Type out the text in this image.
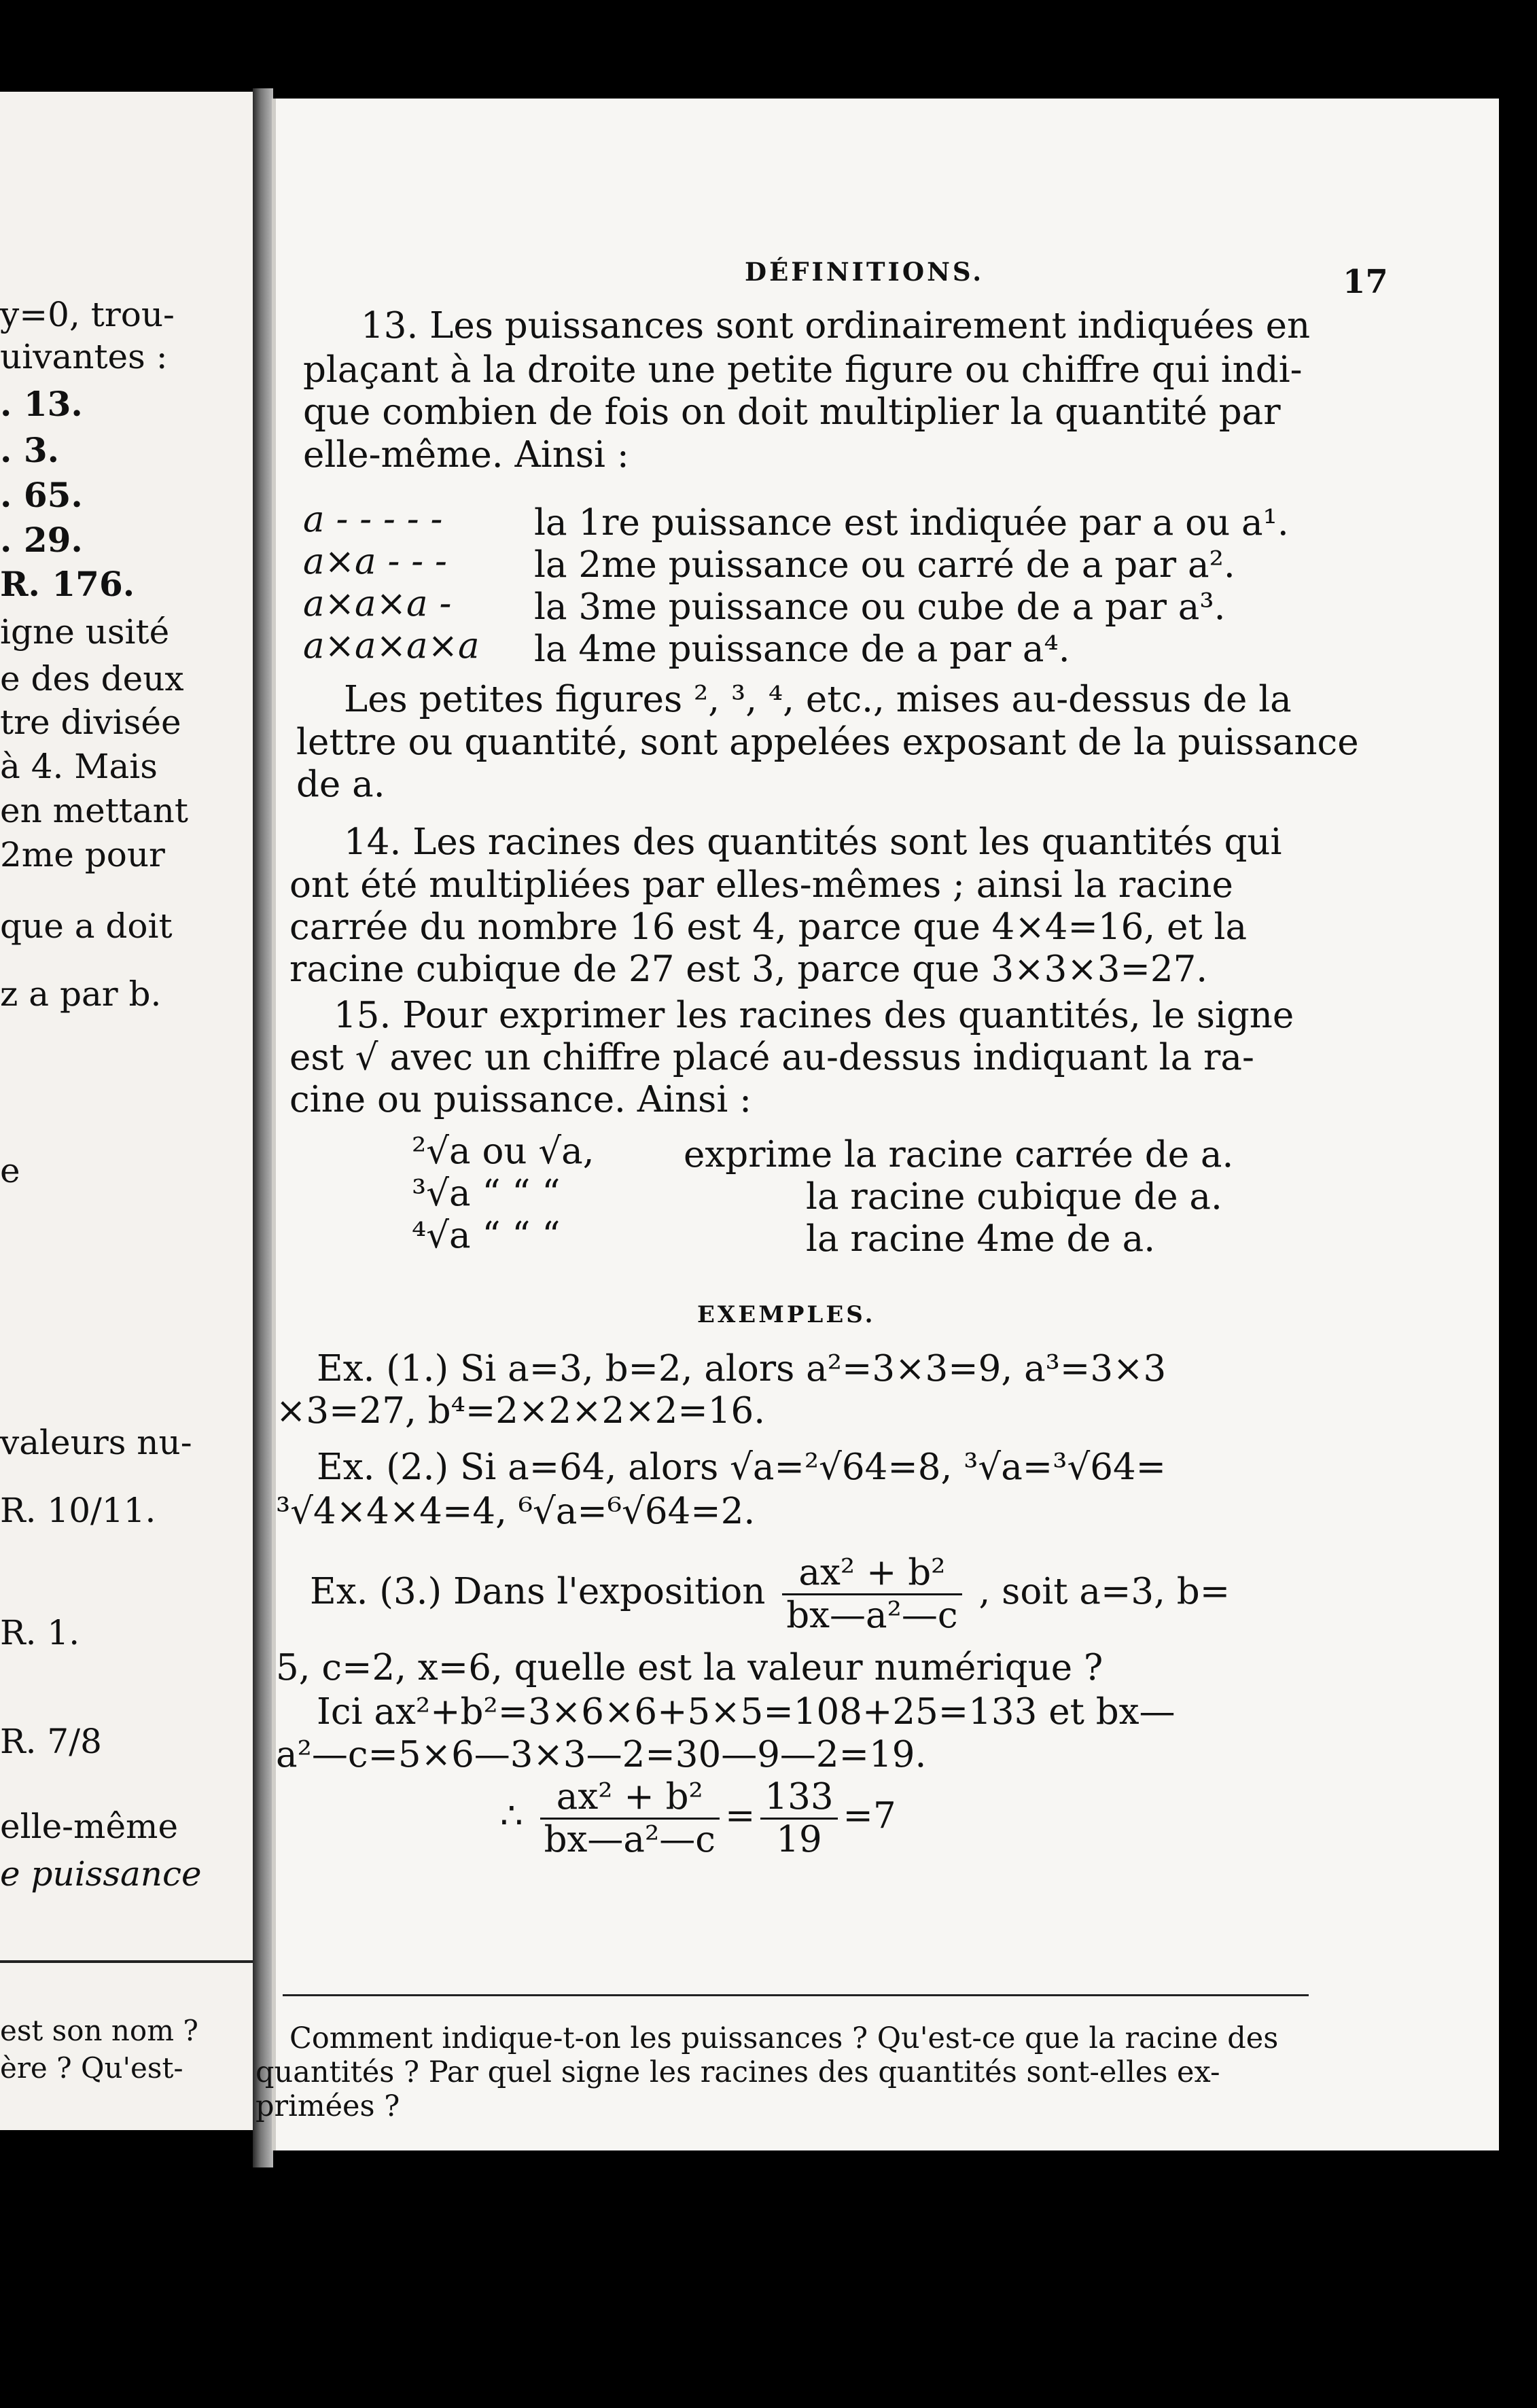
y=0, trou-
uivantes :
. 13.
. 3.
. 65.
. 29.
R. 176.
igne usité
e des deux
tre divisée
à 4. Mais
en mettant
2me pour
que a doit
z a par b.
e
valeurs nu-
R. 10/11.
R. 1.
R. 7/8
elle-même
e puissance
est son nom ?
ère ? Qu'est-
DÉFINITIONS.	17
13. Les puissances sont ordinairement indiquées en
plaçant à la droite une petite figure ou chiffre qui indi-
que combien de fois on doit multiplier la quantité par
elle-même. Ainsi :
a - - - - -	la 1re puissance est indiquée par a ou a¹.
a×a - - - la 2me puissance ou carré de a par a².
a×a×a - la 3me puissance ou cube de a par a³.
a×a×a×a la 4me puissance de a par a⁴.
Les petites figures ², ³, ⁴, etc., mises au-dessus de la
lettre ou quantité, sont appelées exposant de la puissance
de a.
14. Les racines des quantités sont les quantités qui
ont été multipliées par elles-mêmes ; ainsi la racine
carrée du nombre 16 est 4, parce que 4×4=16, et la
racine cubique de 27 est 3, parce que 3×3×3=27.
15. Pour exprimer les racines des quantités, le signe
est √ avec un chiffre placé au-dessus indiquant la ra-
cine ou puissance. Ainsi :
²√a ou √a, exprime la racine carrée de a.
³√a “ “ “	la racine cubique de a.
⁴√a “ “ “	la racine 4me de a.
EXEMPLES.
Ex. (1.) Si a=3, b=2, alors a²=3×3=9, a³=3×3
×3=27, b⁴=2×2×2×2=16.
Ex. (2.) Si a=64, alors √a=²√64=8, ³√a=³√64=
³√4×4×4=4, ⁶√a=⁶√64=2.
Ex. (3.) Dans l'exposition $\frac{\text{ax² + b²}}{\text{bx—a²—c}}$ , soit a=3, b=
5, c=2, x=6, quelle est la valeur numérique ?
Ici ax²+b²=3×6×6+5×5=108+25=133 et bx—
a²—c=5×6—3×3—2=30—9—2=19.
∴ $\frac{\text{ax² + b²}}{\text{bx—a²—c}} = \frac{133}{19} =7$
Comment indique-t-on les puissances ? Qu'est-ce que la racine des
quantités ? Par quel signe les racines des quantités sont-elles ex-
primées ?
